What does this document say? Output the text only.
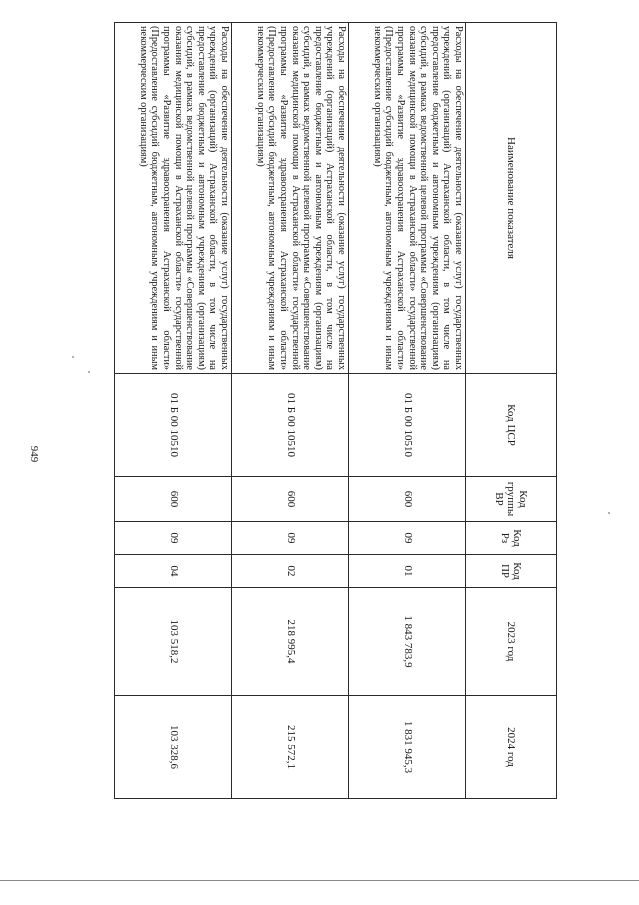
949
Наименование показателя	Код ЦСР	Код группы ВР	Код Рз	Код ПР	2023 год	2024 год
Расходы на обеспечение деятельности (оказание услуг) государственных учреждений (организаций) Астраханской области, в том числе на предоставление бюджетным и автономным учреждениям (организациям) субсидий, в рамках ведомственной целевой программы «Совершенствование оказания медицинской помощи в Астраханской области» государственной программы «Развитие здравоохранения Астраханской области» (Предоставление субсидий бюджетным, автономным учреждениям и иным некоммерческим организациям)	01 Б 00 10510	600	09	01	1 843 783,9	1 831 945,3
Расходы на обеспечение деятельности (оказание услуг) государственных учреждений (организаций) Астраханской области, в том числе на предоставление бюджетным и автономным учреждениям (организациям) субсидий, в рамках ведомственной целевой программы «Совершенствование оказания медицинской помощи в Астраханской области» государственной программы «Развитие здравоохранения Астраханской области» (Предоставление субсидий бюджетным, автономным учреждениям и иным некоммерческим организациям)	01 Б 00 10510	600	09	02	218 995,4	215 572,1
Расходы на обеспечение деятельности (оказание услуг) государственных учреждений (организаций) Астраханской области, в том числе на предоставление бюджетным и автономным учреждениям (организациям) субсидий, в рамках ведомственной целевой программы «Совершенствование оказания медицинской помощи в Астраханской области» государственной программы «Развитие здравоохранения Астраханской области» (Предоставление субсидий бюджетным, автономным учреждениям и иным некоммерческим организациям)	01 Б 00 10510	600	09	04	103 518,2	103 328,6
